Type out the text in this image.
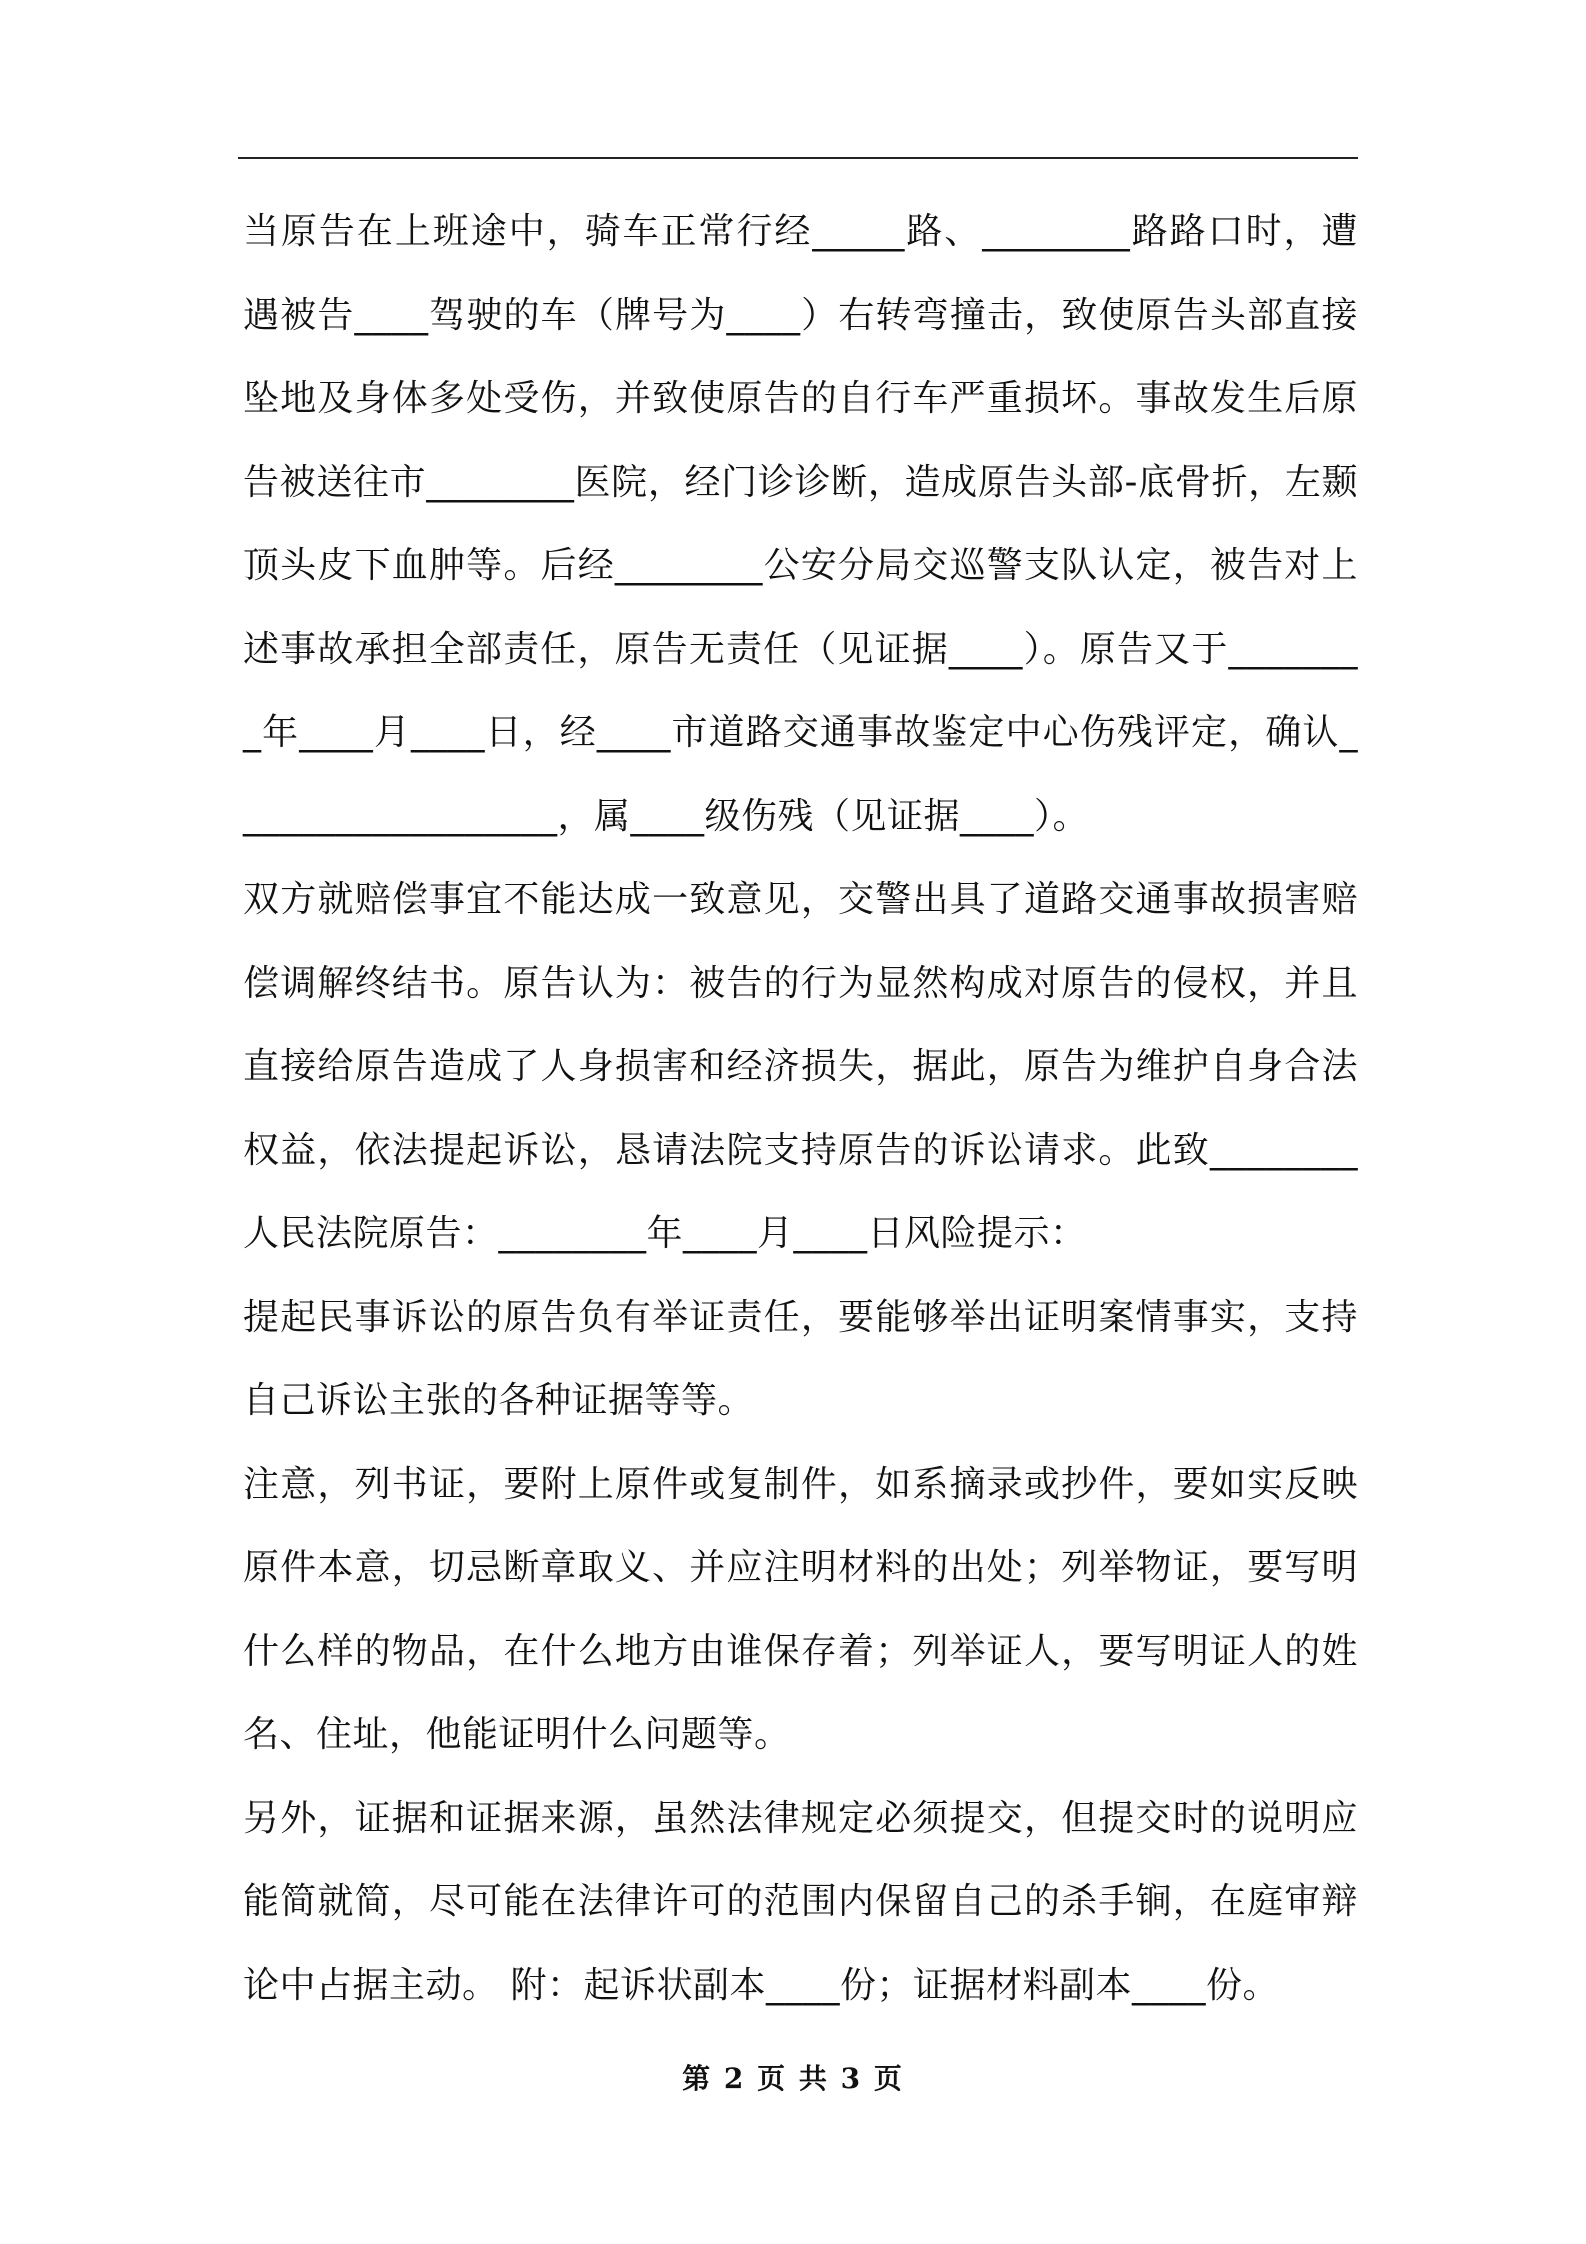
当原告在上班途中，骑车正常行经_____路、________路路口时，遭遇被告____驾驶的车（牌号为____）右转弯撞击，致使原告头部直接坠地及身体多处受伤，并致使原告的自行车严重损坏。事故发生后原告被送往市________医院，经门诊诊断，造成原告头部-底骨折，左颞顶头皮下血肿等。后经________公安分局交巡警支队认定，被告对上述事故承担全部责任，原告无责任（见证据____）。原告又于________年____月____日，经____市道路交通事故鉴定中心伤残评定，确认__________________，属____级伤残（见证据____）。

双方就赔偿事宜不能达成一致意见，交警出具了道路交通事故损害赔偿调解终结书。原告认为：被告的行为显然构成对原告的侵权，并且直接给原告造成了人身损害和经济损失，据此，原告为维护自身合法权益，依法提起诉讼，恳请法院支持原告的诉讼请求。此致________人民法院原告：________年____月____日风险提示：

提起民事诉讼的原告负有举证责任，要能够举出证明案情事实，支持自己诉讼主张的各种证据等等。

注意，列书证，要附上原件或复制件，如系摘录或抄件，要如实反映原件本意，切忌断章取义、并应注明材料的出处；列举物证，要写明什么样的物品，在什么地方由谁保存着；列举证人，要写明证人的姓名、住址，他能证明什么问题等。

另外，证据和证据来源，虽然法律规定必须提交，但提交时的说明应能简就简，尽可能在法律许可的范围内保留自己的杀手锏，在庭审辩论中占据主动。 附：起诉状副本____份；证据材料副本____份。

第 2 页 共 3 页
